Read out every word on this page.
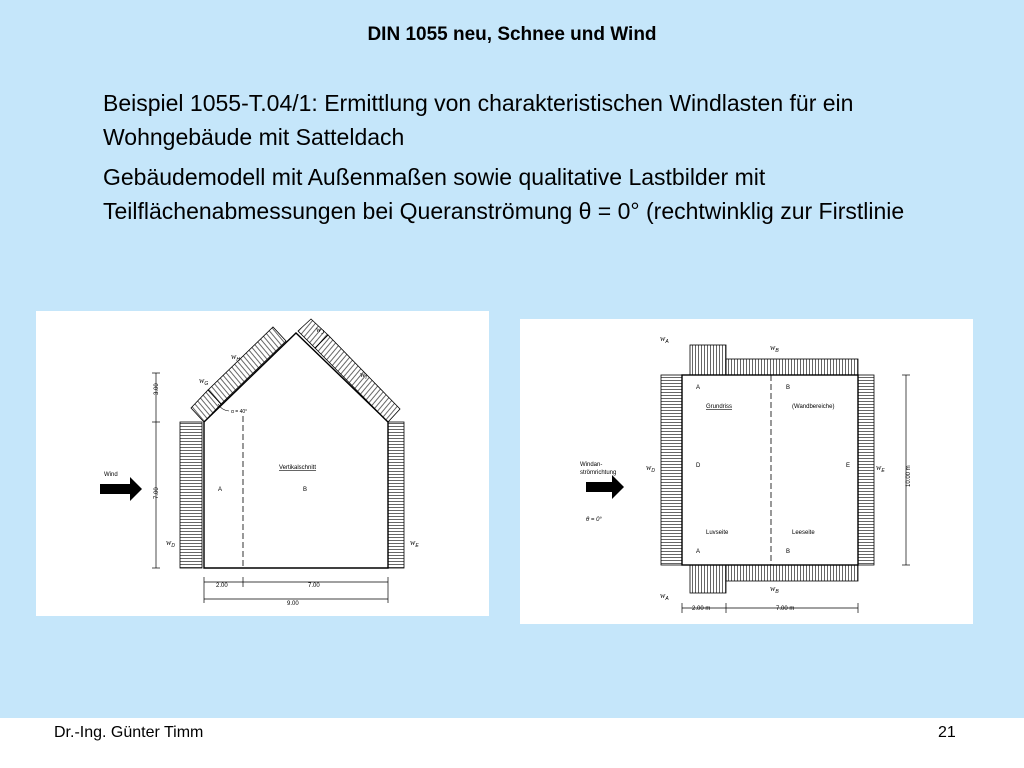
DIN 1055 neu, Schnee und Wind
Beispiel 1055-T.04/1: Ermittlung von charakteristischen Windlasten für ein Wohngebäude mit Satteldach
Gebäudemodell mit Außenmaßen sowie qualitative Lastbilder mit Teilflächenabmessungen bei Queranströmung θ = 0° (rechtwinklig zur Firstlinie
Wind
Vertikalschnitt
A	B
α = 40°
2.00	7.00
9.00
3.00
7.00
$w_D$	$w_E$
$w_G$
$w_H$
$w_I$
$w_J$
Windan-
strömrichtung
θ = 0°
Grundriss	(Wandbereiche)
A	B
D	E
Luvseite	Leeseite
A	B
2.00 m	7.00 m
10.00 m
$w_A$
$w_B$
$w_D$	$w_E$
$w_A$
$w_B$
Dr.-Ing. Günter Timm	21
